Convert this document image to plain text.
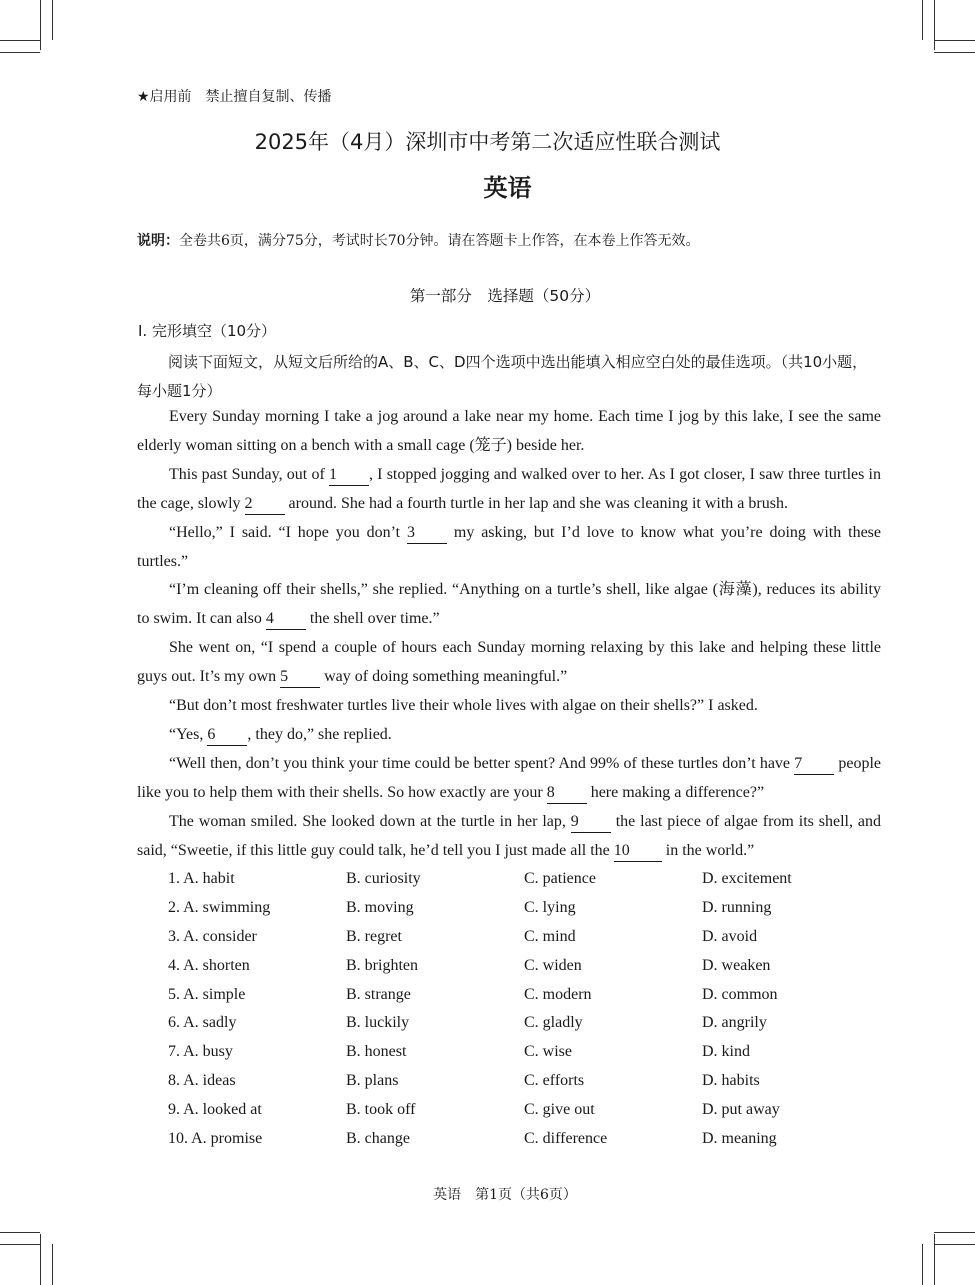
★启用前　禁止擅自复制、传播
2025年（4月）深圳市中考第二次适应性联合测试
英语
说明：全卷共6页，满分75分，考试时长70分钟。请在答题卡上作答，在本卷上作答无效。
第一部分　选择题（50分）
Ⅰ. 完形填空（10分）
阅读下面短文，从短文后所给的A、B、C、D四个选项中选出能填入相应空白处的最佳选项。（共10小题，每小题1分）

Every Sunday morning I take a jog around a lake near my home. Each time I jog by this lake, I see the same elderly woman sitting on a bench with a small cage (笼子) beside her.

This past Sunday, out of 1 , I stopped jogging and walked over to her. As I got closer, I saw three turtles in the cage, slowly 2 around. She had a fourth turtle in her lap and she was cleaning it with a brush.

“Hello,” I said. “I hope you don’t 3 my asking, but I’d love to know what you’re doing with these turtles.”

“I’m cleaning off their shells,” she replied. “Anything on a turtle’s shell, like algae (海藻), reduces its ability to swim. It can also 4 the shell over time.”

She went on, “I spend a couple of hours each Sunday morning relaxing by this lake and helping these little guys out. It’s my own 5 way of doing something meaningful.”

“But don’t most freshwater turtles live their whole lives with algae on their shells?” I asked.

“Yes, 6 , they do,” she replied.

“Well then, don’t you think your time could be better spent? And 99% of these turtles don’t have 7 people like you to help them with their shells. So how exactly are your 8 here making a difference?”

The woman smiled. She looked down at the turtle in her lap, 9 the last piece of algae from its shell, and said, “Sweetie, if this little guy could talk, he’d tell you I just made all the 10 in the world.”

1. A. habit	B. curiosity	C. patience	D. excitement
2. A. swimming	B. moving	C. lying	D. running
3. A. consider	B. regret	C. mind	D. avoid
4. A. shorten	B. brighten	C. widen	D. weaken
5. A. simple	B. strange	C. modern	D. common
6. A. sadly	B. luckily	C. gladly	D. angrily
7. A. busy	B. honest	C. wise	D. kind
8. A. ideas	B. plans	C. efforts	D. habits
9. A. looked at	B. took off	C. give out	D. put away
10. A. promise	B. change	C. difference	D. meaning
英语　第1页（共6页）
